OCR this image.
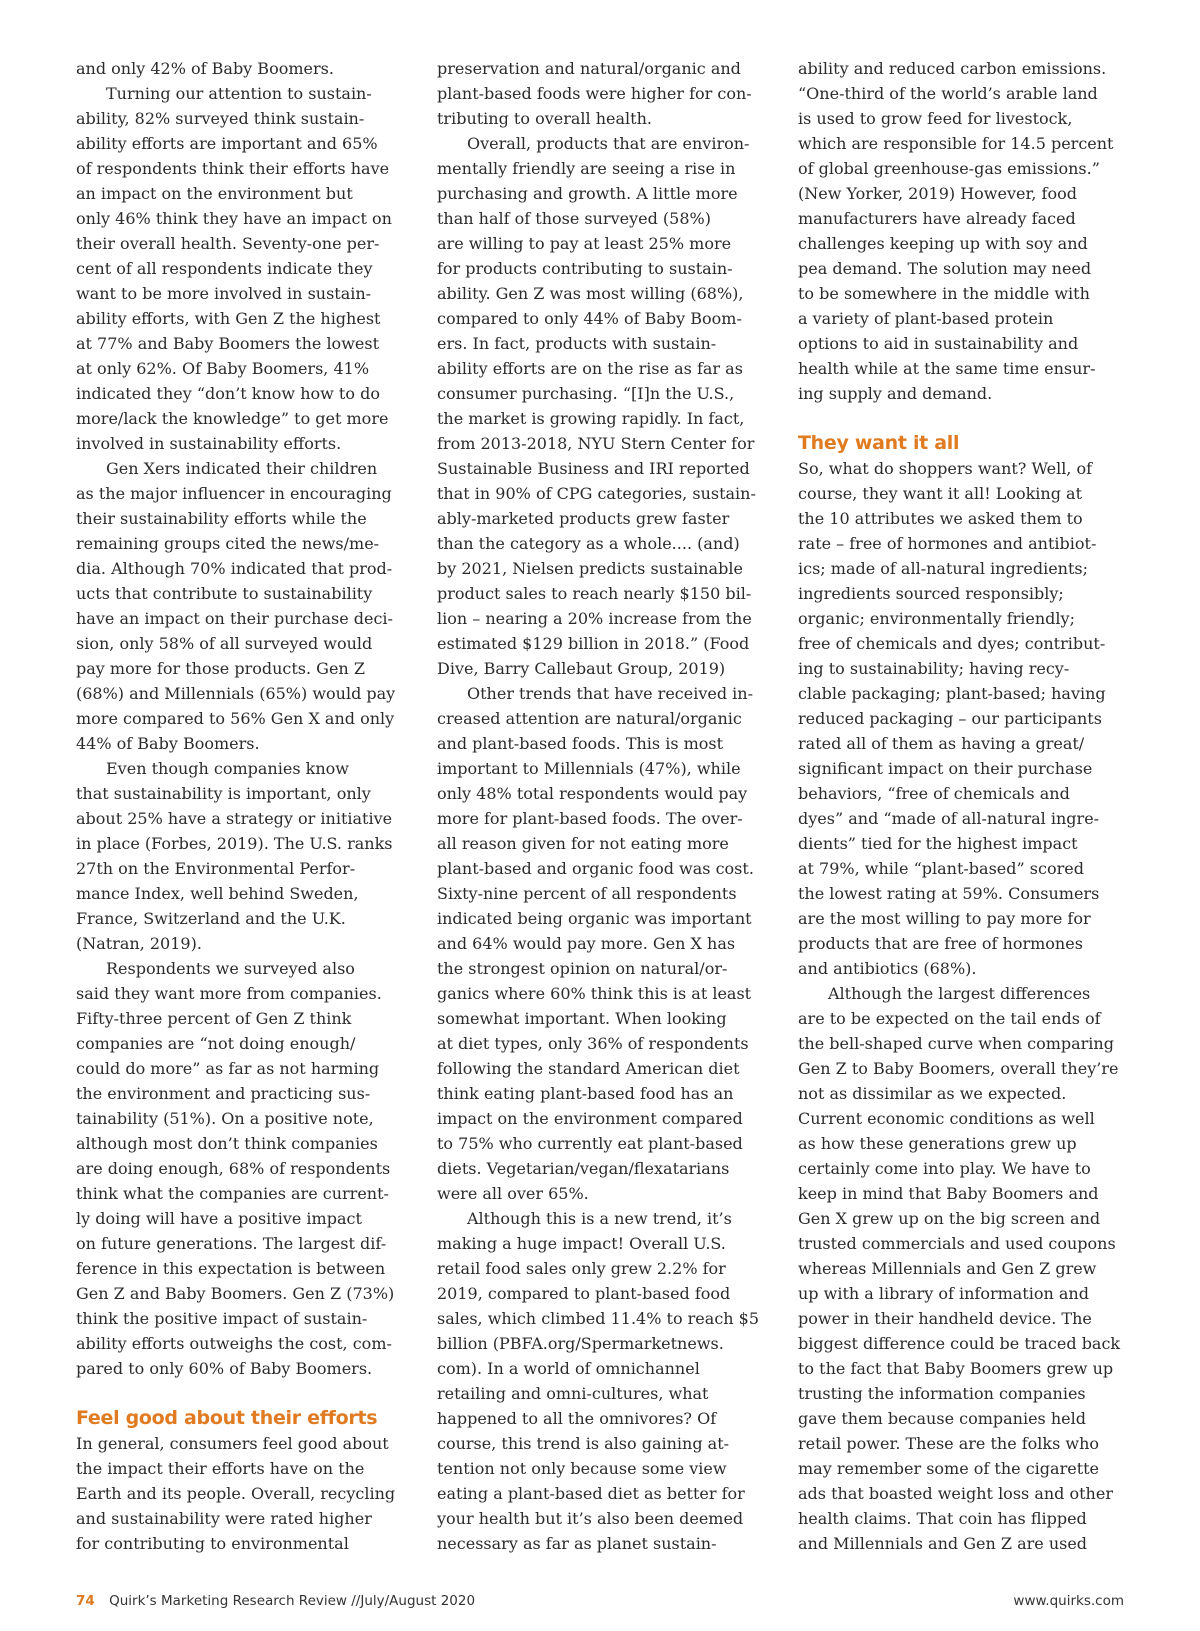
and only 42% of Baby Boomers.
Turning our attention to sustain-
ability, 82% surveyed think sustain-
ability efforts are important and 65%
of respondents think their efforts have
an impact on the environment but
only 46% think they have an impact on
their overall health. Seventy-one per-
cent of all respondents indicate they
want to be more involved in sustain-
ability efforts, with Gen Z the highest
at 77% and Baby Boomers the lowest
at only 62%. Of Baby Boomers, 41%
indicated they “don’t know how to do
more/lack the knowledge” to get more
involved in sustainability efforts.
Gen Xers indicated their children
as the major influencer in encouraging
their sustainability efforts while the
remaining groups cited the news/me-
dia. Although 70% indicated that prod-
ucts that contribute to sustainability
have an impact on their purchase deci-
sion, only 58% of all surveyed would
pay more for those products. Gen Z
(68%) and Millennials (65%) would pay
more compared to 56% Gen X and only
44% of Baby Boomers.
Even though companies know
that sustainability is important, only
about 25% have a strategy or initiative
in place (Forbes, 2019). The U.S. ranks
27th on the Environmental Perfor-
mance Index, well behind Sweden,
France, Switzerland and the U.K.
(Natran, 2019).
Respondents we surveyed also
said they want more from companies.
Fifty-three percent of Gen Z think
companies are “not doing enough/
could do more” as far as not harming
the environment and practicing sus-
tainability (51%). On a positive note,
although most don’t think companies
are doing enough, 68% of respondents
think what the companies are current-
ly doing will have a positive impact
on future generations. The largest dif-
ference in this expectation is between
Gen Z and Baby Boomers. Gen Z (73%)
think the positive impact of sustain-
ability efforts outweighs the cost, com-
pared to only 60% of Baby Boomers.
Feel good about their efforts
In general, consumers feel good about
the impact their efforts have on the
Earth and its people. Overall, recycling
and sustainability were rated higher
for contributing to environmental
preservation and natural/organic and
plant-based foods were higher for con-
tributing to overall health.
Overall, products that are environ-
mentally friendly are seeing a rise in
purchasing and growth. A little more
than half of those surveyed (58%)
are willing to pay at least 25% more
for products contributing to sustain-
ability. Gen Z was most willing (68%),
compared to only 44% of Baby Boom-
ers. In fact, products with sustain-
ability efforts are on the rise as far as
consumer purchasing. “[I]n the U.S.,
the market is growing rapidly. In fact,
from 2013-2018, NYU Stern Center for
Sustainable Business and IRI reported
that in 90% of CPG categories, sustain-
ably-marketed products grew faster
than the category as a whole.... (and)
by 2021, Nielsen predicts sustainable
product sales to reach nearly $150 bil-
lion – nearing a 20% increase from the
estimated $129 billion in 2018.” (Food
Dive, Barry Callebaut Group, 2019)
Other trends that have received in-
creased attention are natural/organic
and plant-based foods. This is most
important to Millennials (47%), while
only 48% total respondents would pay
more for plant-based foods. The over-
all reason given for not eating more
plant-based and organic food was cost.
Sixty-nine percent of all respondents
indicated being organic was important
and 64% would pay more. Gen X has
the strongest opinion on natural/or-
ganics where 60% think this is at least
somewhat important. When looking
at diet types, only 36% of respondents
following the standard American diet
think eating plant-based food has an
impact on the environment compared
to 75% who currently eat plant-based
diets. Vegetarian/vegan/flexatarians
were all over 65%.
Although this is a new trend, it’s
making a huge impact! Overall U.S.
retail food sales only grew 2.2% for
2019, compared to plant-based food
sales, which climbed 11.4% to reach $5
billion (PBFA.org/Spermarketnews.
com). In a world of omnichannel
retailing and omni-cultures, what
happened to all the omnivores? Of
course, this trend is also gaining at-
tention not only because some view
eating a plant-based diet as better for
your health but it’s also been deemed
necessary as far as planet sustain-
ability and reduced carbon emissions.
“One-third of the world’s arable land
is used to grow feed for livestock,
which are responsible for 14.5 percent
of global greenhouse-gas emissions.”
(New Yorker, 2019) However, food
manufacturers have already faced
challenges keeping up with soy and
pea demand. The solution may need
to be somewhere in the middle with
a variety of plant-based protein
options to aid in sustainability and
health while at the same time ensur-
ing supply and demand.
They want it all
So, what do shoppers want? Well, of
course, they want it all! Looking at
the 10 attributes we asked them to
rate – free of hormones and antibiot-
ics; made of all-natural ingredients;
ingredients sourced responsibly;
organic; environmentally friendly;
free of chemicals and dyes; contribut-
ing to sustainability; having recy-
clable packaging; plant-based; having
reduced packaging – our participants
rated all of them as having a great/
significant impact on their purchase
behaviors, “free of chemicals and
dyes” and “made of all-natural ingre-
dients” tied for the highest impact
at 79%, while “plant-based” scored
the lowest rating at 59%. Consumers
are the most willing to pay more for
products that are free of hormones
and antibiotics (68%).
Although the largest differences
are to be expected on the tail ends of
the bell-shaped curve when comparing
Gen Z to Baby Boomers, overall they’re
not as dissimilar as we expected.
Current economic conditions as well
as how these generations grew up
certainly come into play. We have to
keep in mind that Baby Boomers and
Gen X grew up on the big screen and
trusted commercials and used coupons
whereas Millennials and Gen Z grew
up with a library of information and
power in their handheld device. The
biggest difference could be traced back
to the fact that Baby Boomers grew up
trusting the information companies
gave them because companies held
retail power. These are the folks who
may remember some of the cigarette
ads that boasted weight loss and other
health claims. That coin has flipped
and Millennials and Gen Z are used
74 Quirk’s Marketing Research Review //July/August 2020	www.quirks.com
